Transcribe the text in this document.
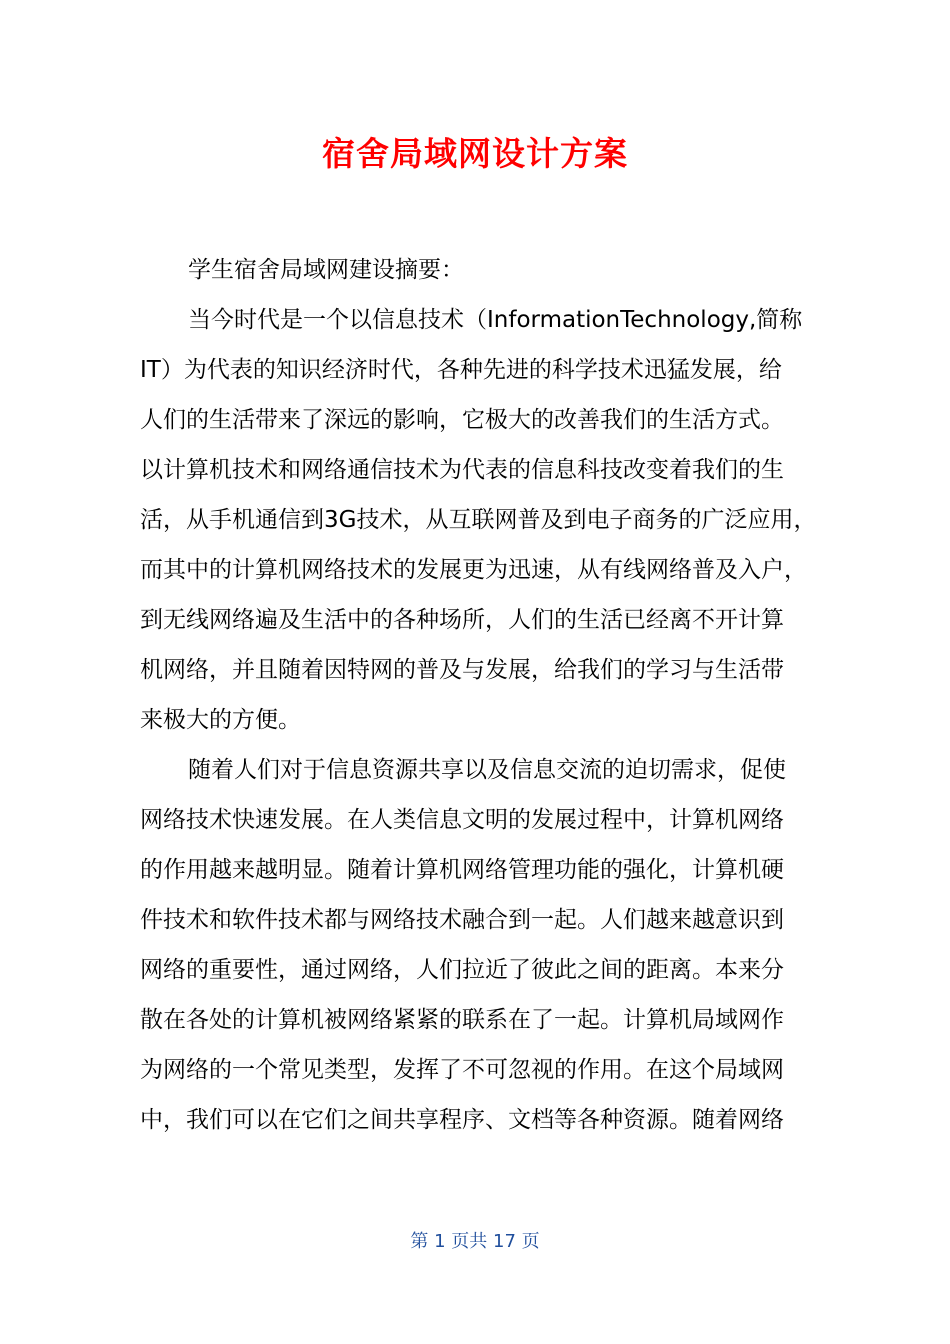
宿舍局域网设计方案
学生宿舍局域网建设摘要：
当今时代是一个以信息技术（InformationTechnology,简称
IT）为代表的知识经济时代，各种先进的科学技术迅猛发展，给
人们的生活带来了深远的影响，它极大的改善我们的生活方式。
以计算机技术和网络通信技术为代表的信息科技改变着我们的生
活，从手机通信到3G技术，从互联网普及到电子商务的广泛应用，
而其中的计算机网络技术的发展更为迅速，从有线网络普及入户，
到无线网络遍及生活中的各种场所，人们的生活已经离不开计算
机网络，并且随着因特网的普及与发展，给我们的学习与生活带
来极大的方便。
随着人们对于信息资源共享以及信息交流的迫切需求，促使
网络技术快速发展。在人类信息文明的发展过程中，计算机网络
的作用越来越明显。随着计算机网络管理功能的强化，计算机硬
件技术和软件技术都与网络技术融合到一起。人们越来越意识到
网络的重要性，通过网络，人们拉近了彼此之间的距离。本来分
散在各处的计算机被网络紧紧的联系在了一起。计算机局域网作
为网络的一个常见类型，发挥了不可忽视的作用。在这个局域网
中，我们可以在它们之间共享程序、文档等各种资源。随着网络
第 1 页共 17 页
